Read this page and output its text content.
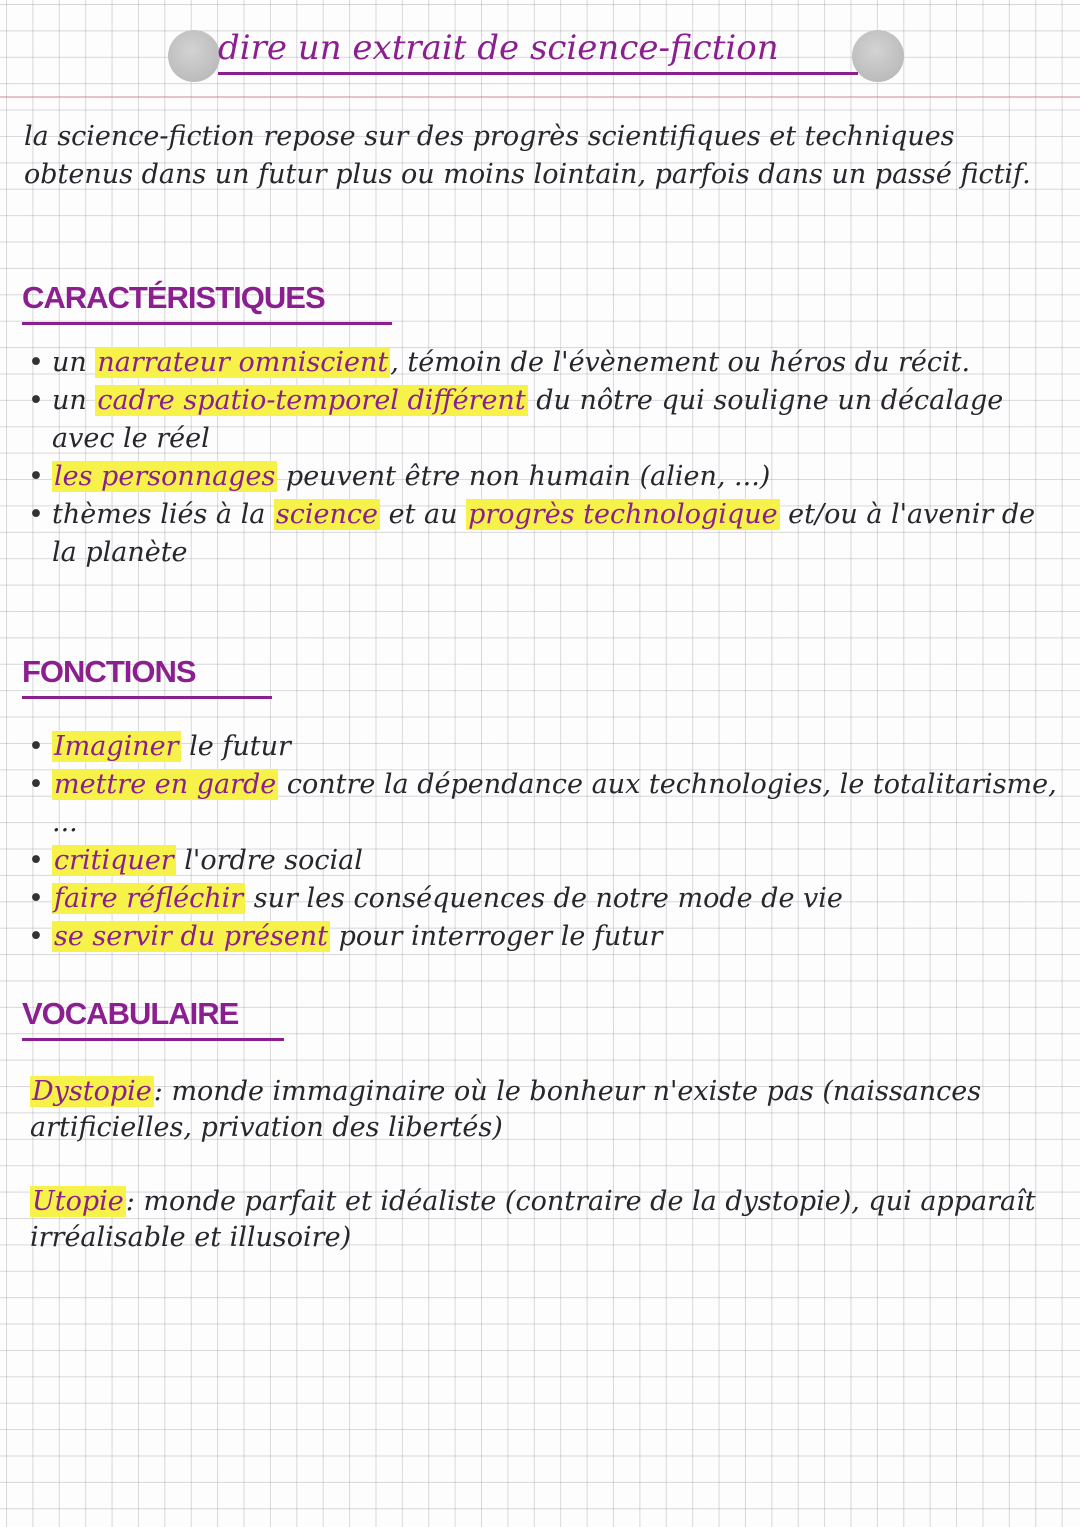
dire un extrait de science-fiction
la science-fiction repose sur des progrès scientifiques et techniques obtenus dans un futur plus ou moins lointain, parfois dans un passé fictif.
CARACTÉRISTIQUES
• un narrateur omniscient, témoin de l'évènement ou héros du récit.
• un cadre spatio-temporel différent du nôtre qui souligne un décalage avec le réel
• les personnages peuvent être non humain (alien, ...)
• thèmes liés à la science et au progrès technologique et/ou à l'avenir de la planète
FONCTIONS
• Imaginer le futur
• mettre en garde contre la dépendance aux technologies, le totalitarisme, ...
• critiquer l'ordre social
• faire réfléchir sur les conséquences de notre mode de vie
• se servir du présent pour interroger le futur
VOCABULAIRE
Dystopie: monde immaginaire où le bonheur n'existe pas (naissances artificielles, privation des libertés)
Utopie: monde parfait et idéaliste (contraire de la dystopie), qui apparaît irréalisable et illusoire)
